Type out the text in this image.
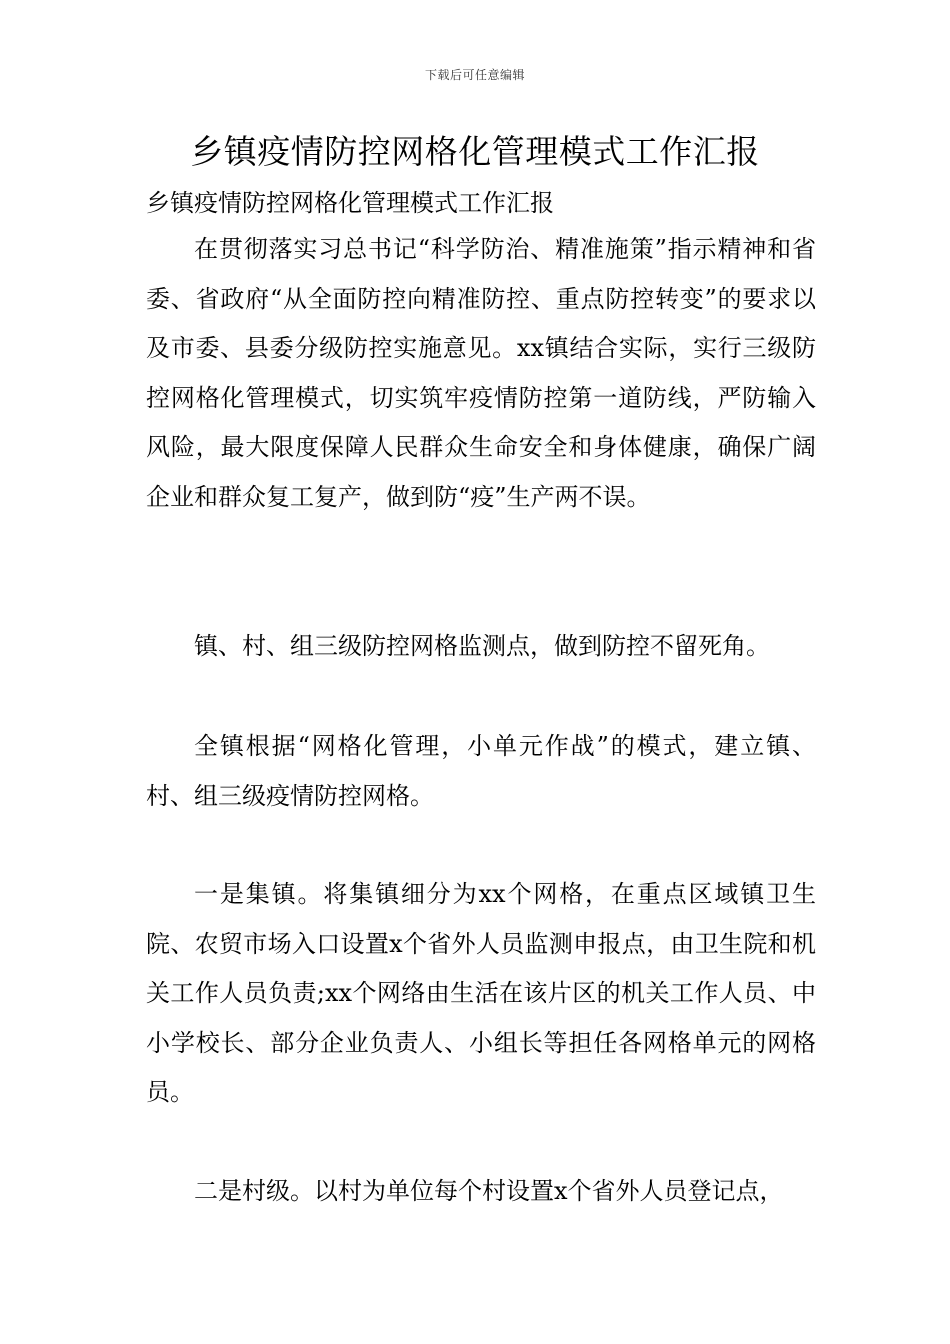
下载后可任意编辑
乡镇疫情防控网格化管理模式工作汇报
乡镇疫情防控网格化管理模式工作汇报

在贯彻落实习总书记“科学防治、精准施策”指示精神和省委、省政府“从全面防控向精准防控、重点防控转变”的要求以及市委、县委分级防控实施意见。xx镇结合实际，实行三级防控网格化管理模式，切实筑牢疫情防控第一道防线，严防输入风险，最大限度保障人民群众生命安全和身体健康，确保广阔企业和群众复工复产，做到防“疫”生产两不误。

镇、村、组三级防控网格监测点，做到防控不留死角。

全镇根据“网格化管理，小单元作战”的模式，建立镇、村、组三级疫情防控网格。

一是集镇。将集镇细分为xx个网格，在重点区域镇卫生院、农贸市场入口设置x个省外人员监测申报点，由卫生院和机关工作人员负责;xx个网络由生活在该片区的机关工作人员、中小学校长、部分企业负责人、小组长等担任各网格单元的网格员。

二是村级。以村为单位每个村设置x个省外人员登记点，
